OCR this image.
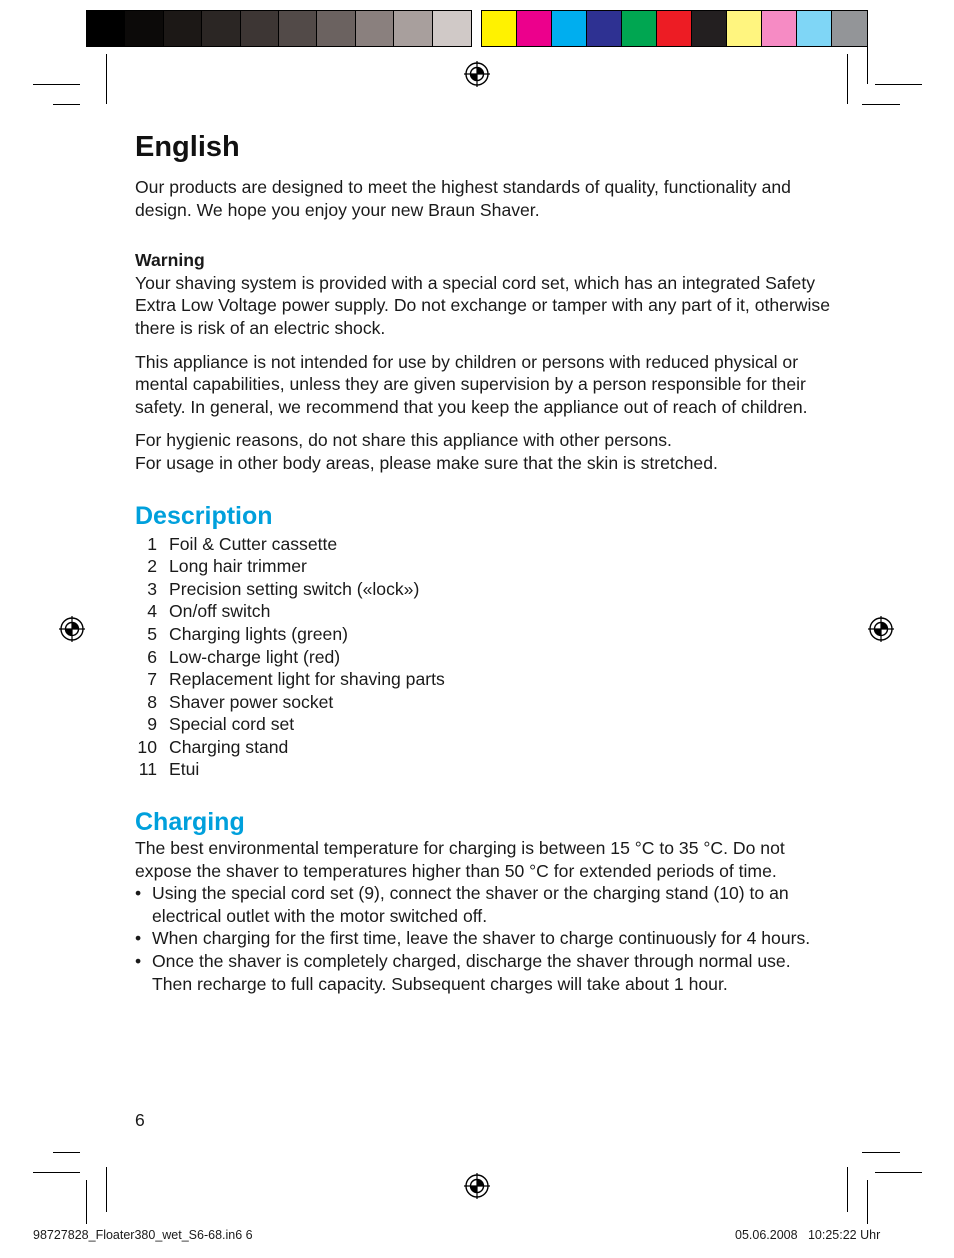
English

Our products are designed to meet the highest standards of quality, functionality and design. We hope you enjoy your new Braun Shaver.

Warning

Your shaving system is provided with a special cord set, which has an integrated Safety Extra Low Voltage power supply. Do not exchange or tamper with any part of it, otherwise there is risk of an electric shock.

This appliance is not intended for use by children or persons with reduced physical or mental capabilities, unless they are given supervision by a person responsible for their safety. In general, we recommend that you keep the appliance out of reach of children.

For hygienic reasons, do not share this appliance with other persons.

For usage in other body areas, please make sure that the skin is stretched.

Description
1 Foil & Cutter cassette
2 Long hair trimmer
3 Precision setting switch («lock»)
4 On/off switch
5 Charging lights (green)
6 Low-charge light (red)
7 Replacement light for shaving parts
8 Shaver power socket
9 Special cord set
10 Charging stand
11 Etui
Charging

The best environmental temperature for charging is between 15 °C to 35 °C. Do not expose the shaver to temperatures higher than 50 °C for extended periods of time.

• Using the special cord set (9), connect the shaver or the charging stand (10) to an electrical outlet with the motor switched off.
• When charging for the first time, leave the shaver to charge continuously for 4 hours.
• Once the shaver is completely charged, discharge the shaver through normal use. Then recharge to full capacity. Subsequent charges will take about 1 hour.
6
98727828_Floater380_wet_S6-68.in6 6	05.06.2008   10:25:22 Uhr
